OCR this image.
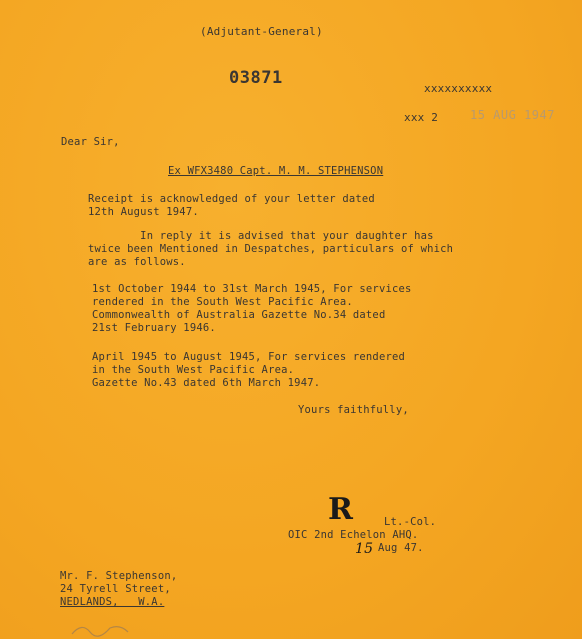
(Adjutant-General)
03871
xxxxxxxxxx
xxx 2	15 AUG 1947
Dear Sir,
Ex WFX3480 Capt. M. M. STEPHENSON
Receipt is acknowledged of your letter dated
12th August 1947.
In reply it is advised that your daughter has
twice been Mentioned in Despatches, particulars of which
are as follows.
1st October 1944 to 31st March 1945, For services
rendered in the South West Pacific Area.
Commonwealth of Australia Gazette No.34 dated
21st February 1946.
April 1945 to August 1945, For services rendered
in the South West Pacific Area.
Gazette No.43 dated 6th March 1947.
Yours faithfully,
R	Lt.-Col.
OIC 2nd Echelon AHQ.
15 Aug 47.
Mr. F. Stephenson,
24 Tyrell Street,
NEDLANDS,   W.A.
